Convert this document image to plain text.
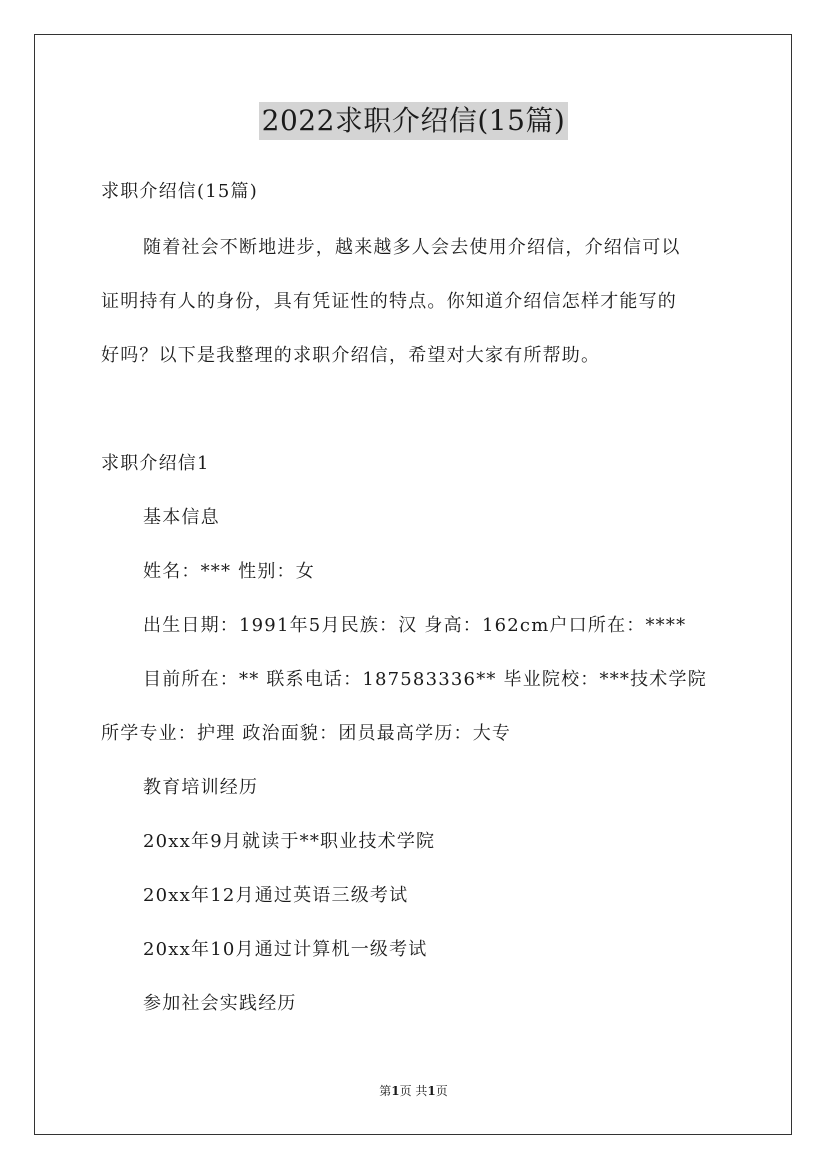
2022求职介绍信(15篇)
求职介绍信(15篇)
随着社会不断地进步，越来越多人会去使用介绍信，介绍信可以
证明持有人的身份，具有凭证性的特点。你知道介绍信怎样才能写的
好吗？以下是我整理的求职介绍信，希望对大家有所帮助。
求职介绍信1
基本信息
姓名：*** 性别：女
出生日期：1991年5月民族：汉 身高：162cm户口所在：****
目前所在：** 联系电话：187583336** 毕业院校：***技术学院
所学专业：护理 政治面貌：团员最高学历：大专
教育培训经历
20xx年9月就读于**职业技术学院
20xx年12月通过英语三级考试
20xx年10月通过计算机一级考试
参加社会实践经历
第1页 共1页
